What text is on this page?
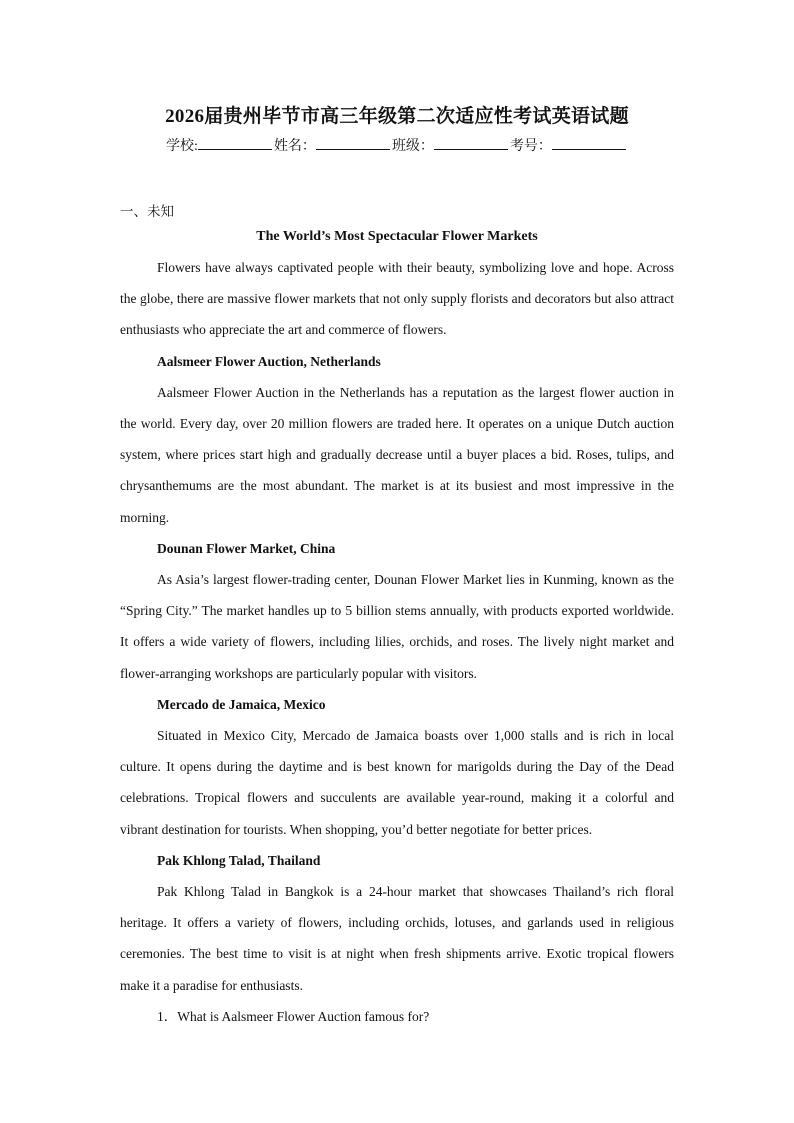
2026届贵州毕节市高三年级第二次适应性考试英语试题
学校:	姓名：	班级：	考号：
一、未知
The World’s Most Spectacular Flower Markets

Flowers have always captivated people with their beauty, symbolizing love and hope. Across the globe, there are massive flower markets that not only supply florists and decorators but also attract enthusiasts who appreciate the art and commerce of flowers.

Aalsmeer Flower Auction, Netherlands

Aalsmeer Flower Auction in the Netherlands has a reputation as the largest flower auction in the world. Every day, over 20 million flowers are traded here. It operates on a unique Dutch auction system, where prices start high and gradually decrease until a buyer places a bid. Roses, tulips, and chrysanthemums are the most abundant. The market is at its busiest and most impressive in the morning.

Dounan Flower Market, China

As Asia’s largest flower-trading center, Dounan Flower Market lies in Kunming, known as the “Spring City.” The market handles up to 5 billion stems annually, with products exported worldwide. It offers a wide variety of flowers, including lilies, orchids, and roses. The lively night market and flower-arranging workshops are particularly popular with visitors.

Mercado de Jamaica, Mexico

Situated in Mexico City, Mercado de Jamaica boasts over 1,000 stalls and is rich in local culture. It opens during the daytime and is best known for marigolds during the Day of the Dead celebrations. Tropical flowers and succulents are available year-round, making it a colorful and vibrant destination for tourists. When shopping, you’d better negotiate for better prices.

Pak Khlong Talad, Thailand

Pak Khlong Talad in Bangkok is a 24-hour market that showcases Thailand’s rich floral heritage. It offers a variety of flowers, including orchids, lotuses, and garlands used in religious ceremonies. The best time to visit is at night when fresh shipments arrive. Exotic tropical flowers make it a paradise for enthusiasts.

1．What is Aalsmeer Flower Auction famous for?
